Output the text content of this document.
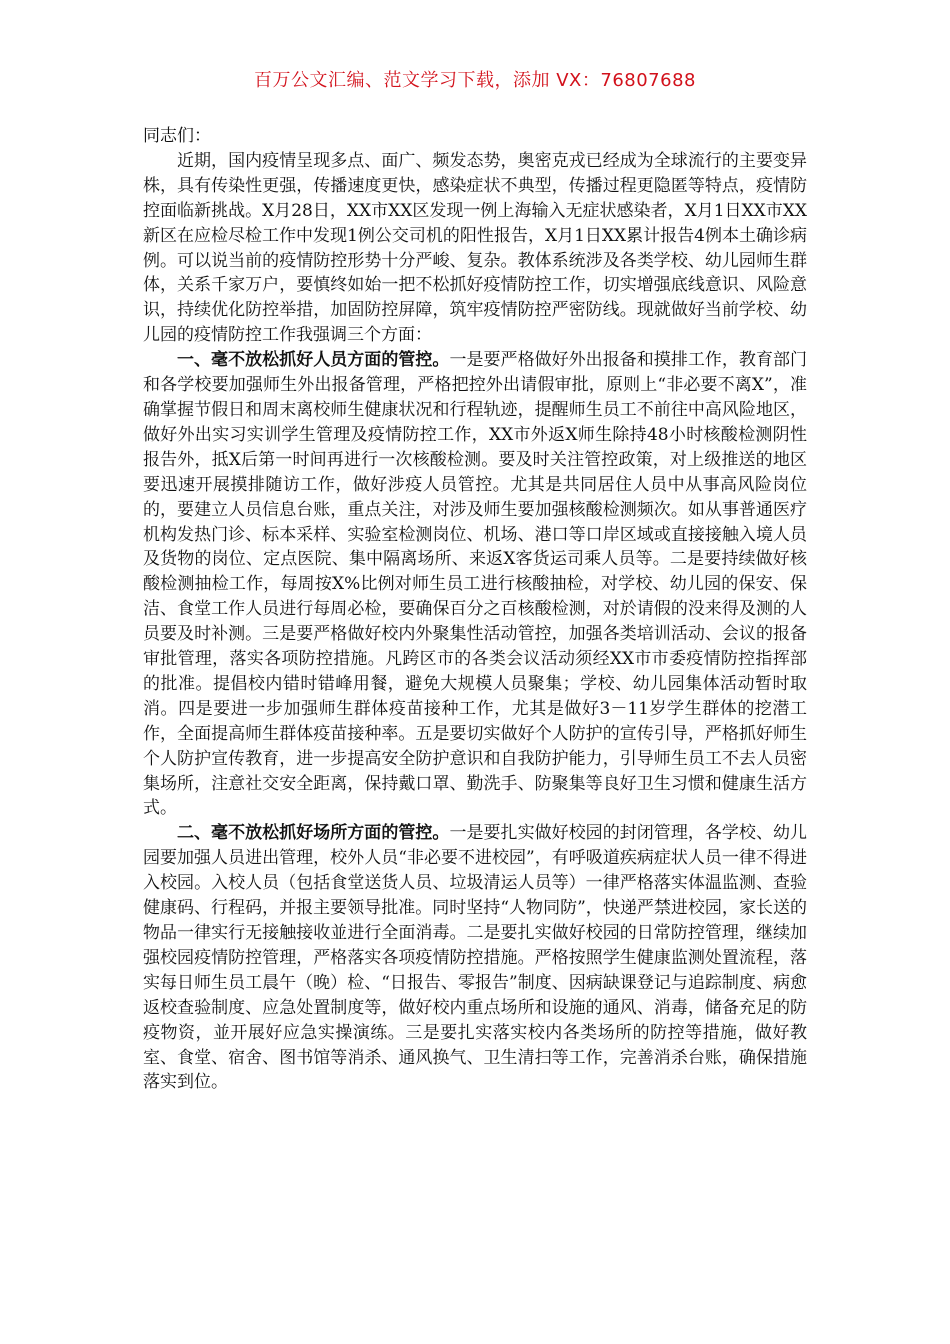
百万公文汇编、范文学习下载，添加 VX：76807688

同志们：

近期，国内疫情呈现多点、面广、频发态势，奥密克戎已经成为全球流行的主要变异株，具有传染性更强，传播速度更快，感染症状不典型，传播过程更隐匿等特点，疫情防控面临新挑战。X月28日，XX市XX区发现一例上海输入无症状感染者，X月1日XX市XX新区在应检尽检工作中发现1例公交司机的阳性报告，X月1日XX累计报告4例本土确诊病例。可以说当前的疫情防控形势十分严峻、复杂。教体系统涉及各类学校、幼儿园师生群体，关系千家万户，要慎终如始一把不松抓好疫情防控工作，切实增强底线意识、风险意识，持续优化防控举措，加固防控屏障，筑牢疫情防控严密防线。现就做好当前学校、幼儿园的疫情防控工作我强调三个方面：

一、毫不放松抓好人员方面的管控。一是要严格做好外出报备和摸排工作，教育部门和各学校要加强师生外出报备管理，严格把控外出请假审批，原则上“非必要不离X”，准确掌握节假日和周末离校师生健康状况和行程轨迹，提醒师生员工不前往中高风险地区，做好外出实习实训学生管理及疫情防控工作，XX市外返X师生除持48小时核酸检测阴性报告外，抵X后第一时间再进行一次核酸检测。要及时关注管控政策，对上级推送的地区要迅速开展摸排随访工作，做好涉疫人员管控。尤其是共同居住人员中从事高风险岗位的，要建立人员信息台账，重点关注，对涉及师生要加强核酸检测频次。如从事普通医疗机构发热门诊、标本采样、实验室检测岗位、机场、港口等口岸区域或直接接触入境人员及货物的岗位、定点医院、集中隔离场所、来返X客货运司乘人员等。二是要持续做好核酸检测抽检工作，每周按X%比例对师生员工进行核酸抽检，对学校、幼儿园的保安、保洁、食堂工作人员进行每周必检，要确保百分之百核酸检测，对於请假的没来得及测的人员要及时补测。三是要严格做好校内外聚集性活动管控，加强各类培训活动、会议的报备审批管理，落实各项防控措施。凡跨区市的各类会议活动须经XX市市委疫情防控指挥部的批准。提倡校内错时错峰用餐，避免大规模人员聚集；学校、幼儿园集体活动暂时取消。四是要进一步加强师生群体疫苗接种工作，尤其是做好3－11岁学生群体的挖潜工作，全面提高师生群体疫苗接种率。五是要切实做好个人防护的宣传引导，严格抓好师生个人防护宣传教育，进一步提高安全防护意识和自我防护能力，引导师生员工不去人员密集场所，注意社交安全距离，保持戴口罩、勤洗手、防聚集等良好卫生习惯和健康生活方式。

二、毫不放松抓好场所方面的管控。一是要扎实做好校园的封闭管理，各学校、幼儿园要加强人员进出管理，校外人员“非必要不进校园”，有呼吸道疾病症状人员一律不得进入校园。入校人员（包括食堂送货人员、垃圾清运人员等）一律严格落实体温监测、查验健康码、行程码，并报主要领导批准。同时坚持“人物同防”，快递严禁进校园，家长送的物品一律实行无接触接收並进行全面消毒。二是要扎实做好校园的日常防控管理，继续加强校园疫情防控管理，严格落实各项疫情防控措施。严格按照学生健康监测处置流程，落实每日师生员工晨午（晚）检、“日报告、零报告”制度、因病缺课登记与追踪制度、病愈返校查验制度、应急处置制度等，做好校内重点场所和设施的通风、消毒，储备充足的防疫物资，並开展好应急实操演练。三是要扎实落实校内各类场所的防控等措施，做好教室、食堂、宿舍、图书馆等消杀、通风换气、卫生清扫等工作，完善消杀台账，确保措施落实到位。
